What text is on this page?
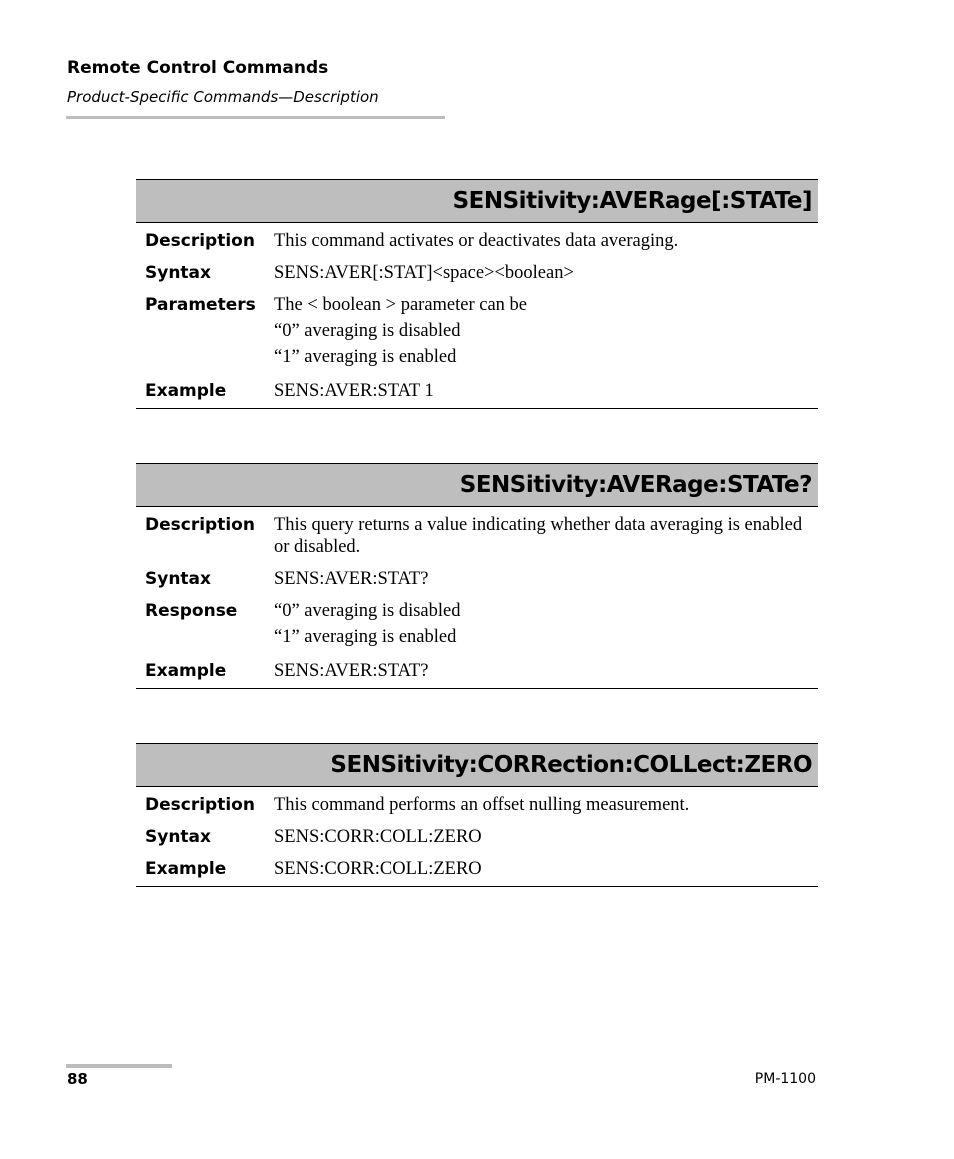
Remote Control Commands
Product-Specific Commands—Description
SENSitivity:AVERage[:STATe]
Description	This command activates or deactivates data averaging.
Syntax	SENS:AVER[:STAT]<space><boolean>
Parameters The < boolean > parameter can be
“0” averaging is disabled
“1” averaging is enabled
Example	SENS:AVER:STAT 1
SENSitivity:AVERage:STATe?
Description	This query returns a value indicating whether data averaging is enabled or disabled.
Syntax	SENS:AVER:STAT?
Response	“0” averaging is disabled
“1” averaging is enabled
Example	SENS:AVER:STAT?
SENSitivity:CORRection:COLLect:ZERO
Description	This command performs an offset nulling measurement.
Syntax	SENS:CORR:COLL:ZERO
Example	SENS:CORR:COLL:ZERO
88	PM-1100
